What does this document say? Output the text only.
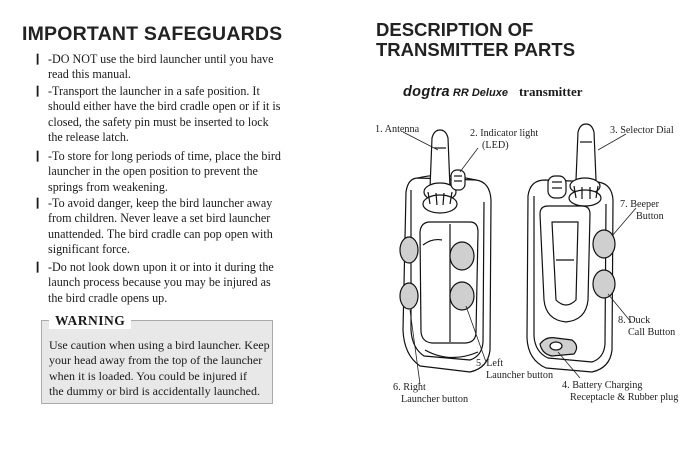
IMPORTANT SAFEGUARDS
❙ -DO NOT use the bird launcher until you have
read this manual.
❙ -Transport the launcher in a safe position. It
should either have the bird cradle open or if it is
closed, the safety pin must be inserted to lock
the release latch.
❙ -To store for long periods of time, place the bird
launcher in the open position to prevent the
springs from weakening.
❙ -To avoid danger, keep the bird launcher away
from children. Never leave a set bird launcher
unattended. The bird cradle can pop open with
significant force.
❙ -Do not look down upon it or into it during the
launch process because you may be injured as
the bird cradle opens up.
WARNING
Use caution when using a bird launcher. Keep
your head away from the top of the launcher
when it is loaded. You could be injured if
the dummy or bird is accidentally launched.
DESCRIPTION OF
TRANSMITTER PARTS
dogtra RR Deluxe transmitter
1. Antenna	2. Indicator light
(LED)
3. Selector Dial
7. Beeper
Button
8. Duck
Call Button
5. Left
Launcher button
6. Right
Launcher button
4. Battery Charging
Receptacle & Rubber plug
